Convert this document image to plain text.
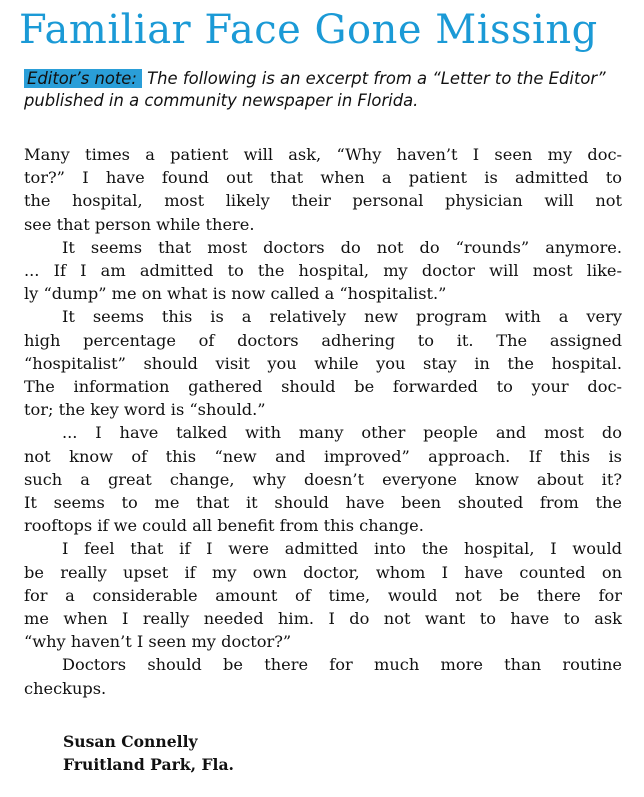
Familiar Face Gone Missing

Editor’s note: The following is an excerpt from a “Letter to the Editor” published in a community newspaper in Florida.

Many times a patient will ask, “Why haven’t I seen my doc-
tor?” I have found out that when a patient is admitted to
the hospital, most likely their personal physician will not
see that person while there.
It seems that most doctors do not do “rounds” anymore.
... If I am admitted to the hospital, my doctor will most like-
ly “dump” me on what is now called a “hospitalist.”
It seems this is a relatively new program with a very
high percentage of doctors adhering to it. The assigned
“hospitalist” should visit you while you stay in the hospital.
The information gathered should be forwarded to your doc-
tor; the key word is “should.”
... I have talked with many other people and most do
not know of this “new and improved” approach. If this is
such a great change, why doesn’t everyone know about it?
It seems to me that it should have been shouted from the
rooftops if we could all benefit from this change.
I feel that if I were admitted into the hospital, I would
be really upset if my own doctor, whom I have counted on
for a considerable amount of time, would not be there for
me when I really needed him. I do not want to have to ask
“why haven’t I seen my doctor?”
Doctors should be there for much more than routine
checkups.
Susan Connelly
Fruitland Park, Fla.
